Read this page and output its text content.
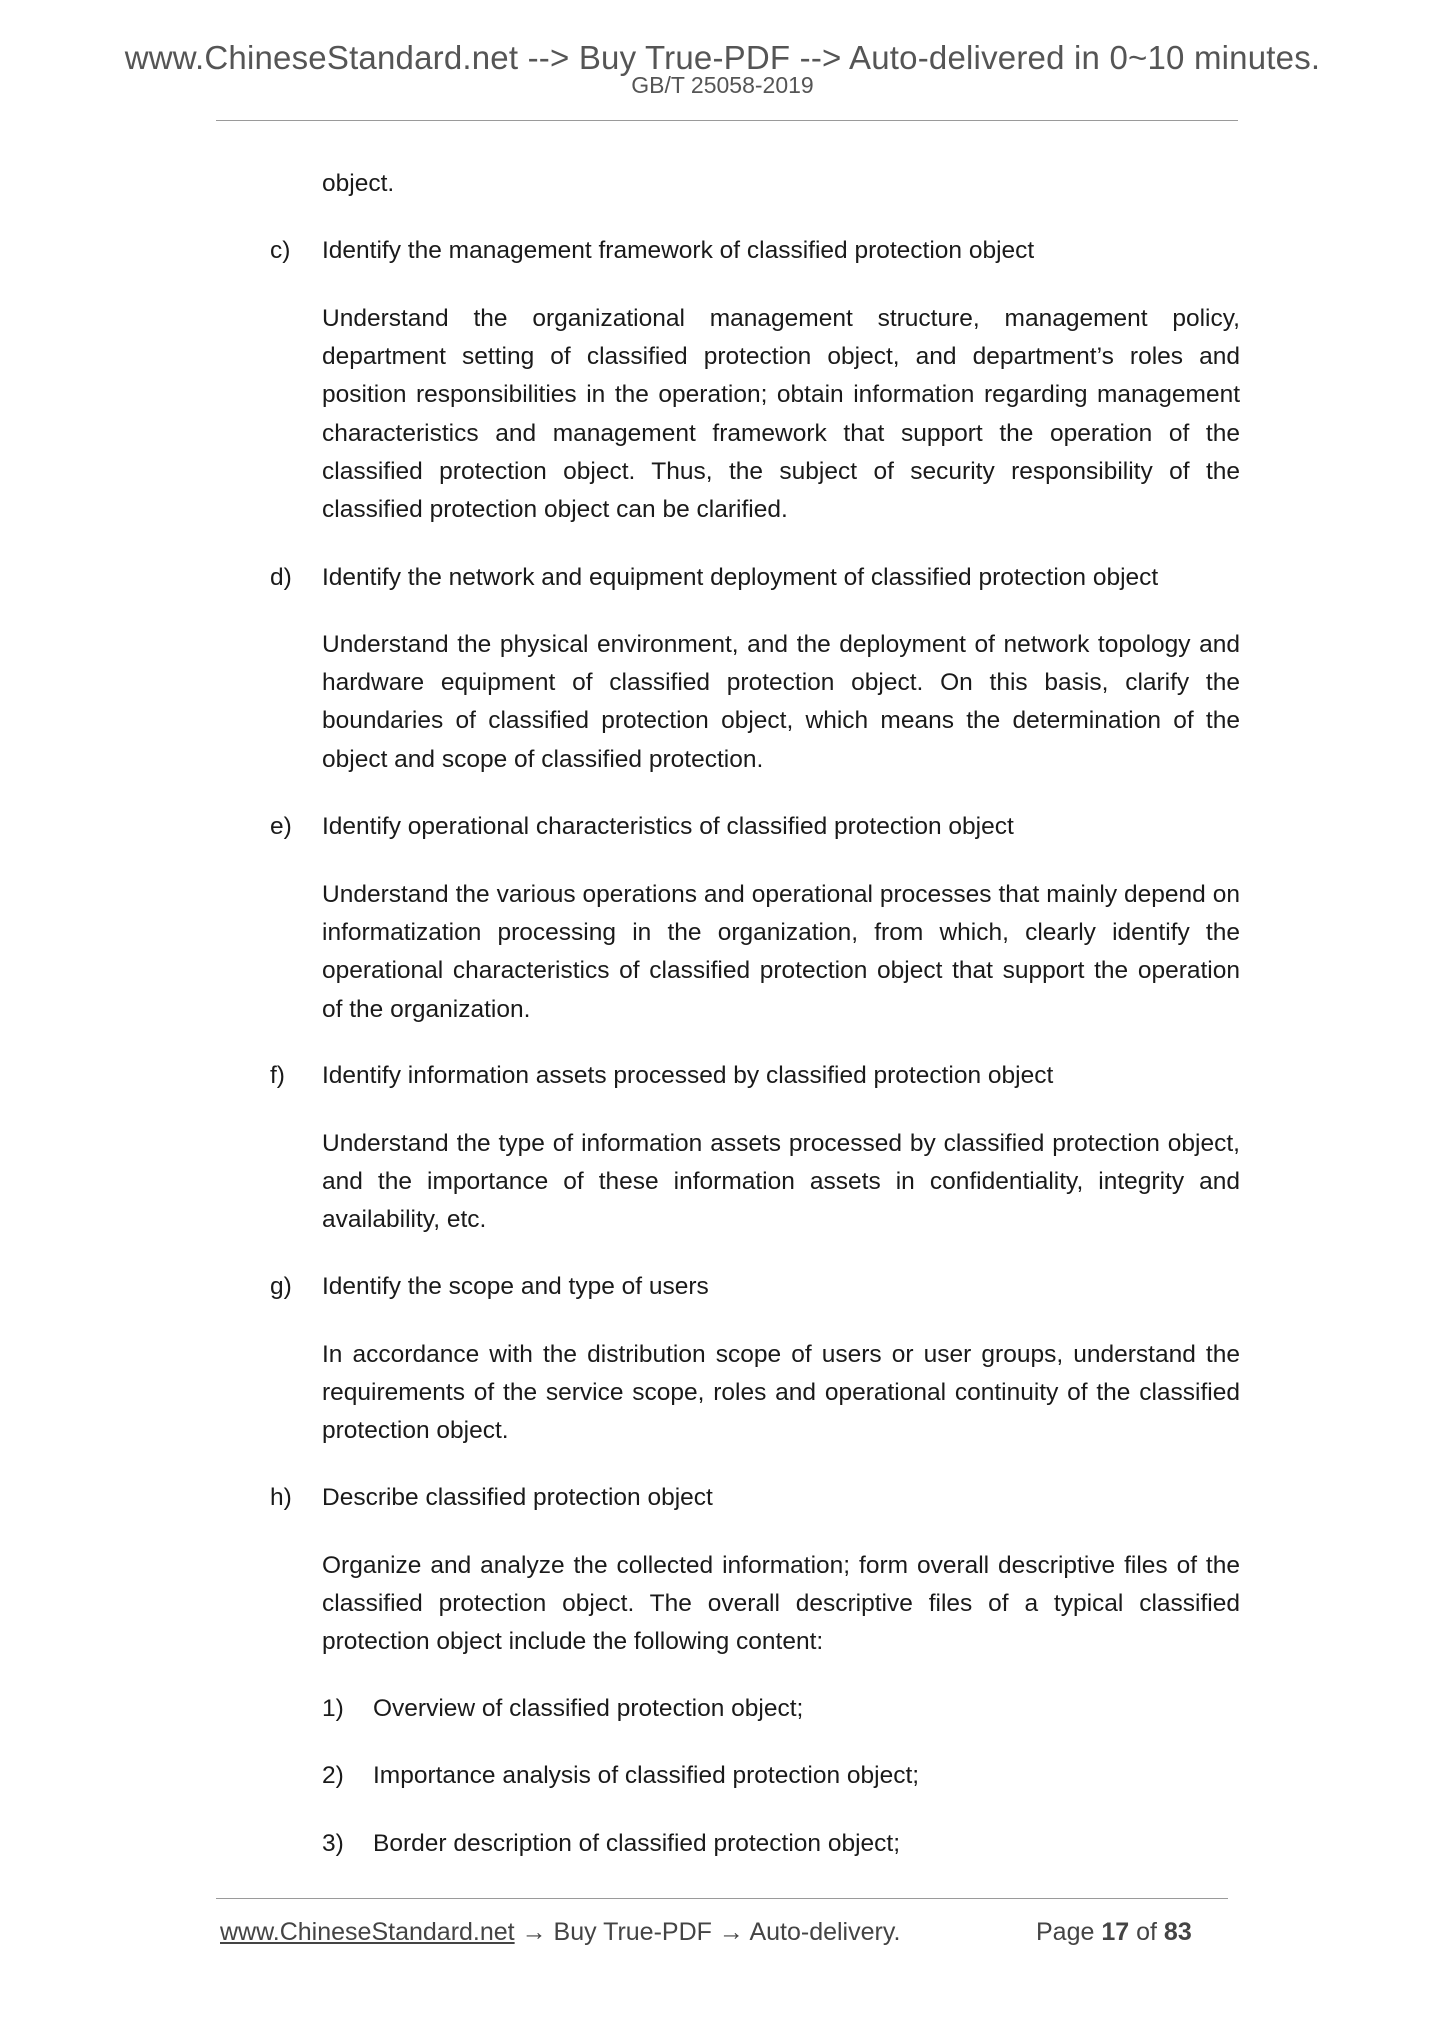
www.ChineseStandard.net --> Buy True-PDF --> Auto-delivered in 0~10 minutes.
GB/T 25058-2019
object.
c) Identify the management framework of classified protection object
Understand the organizational management structure, management policy, department setting of classified protection object, and department’s roles and position responsibilities in the operation; obtain information regarding management characteristics and management framework that support the operation of the classified protection object. Thus, the subject of security responsibility of the classified protection object can be clarified.
d) Identify the network and equipment deployment of classified protection object
Understand the physical environment, and the deployment of network topology and hardware equipment of classified protection object. On this basis, clarify the boundaries of classified protection object, which means the determination of the object and scope of classified protection.
e) Identify operational characteristics of classified protection object
Understand the various operations and operational processes that mainly depend on informatization processing in the organization, from which, clearly identify the operational characteristics of classified protection object that support the operation of the organization.
f) Identify information assets processed by classified protection object
Understand the type of information assets processed by classified protection object, and the importance of these information assets in confidentiality, integrity and availability, etc.
g) Identify the scope and type of users
In accordance with the distribution scope of users or user groups, understand the requirements of the service scope, roles and operational continuity of the classified protection object.
h) Describe classified protection object
Organize and analyze the collected information; form overall descriptive files of the classified protection object. The overall descriptive files of a typical classified protection object include the following content:
1) Overview of classified protection object;
2) Importance analysis of classified protection object;
3) Border description of classified protection object;
www.ChineseStandard.net → Buy True-PDF → Auto-delivery.	Page 17 of 83
